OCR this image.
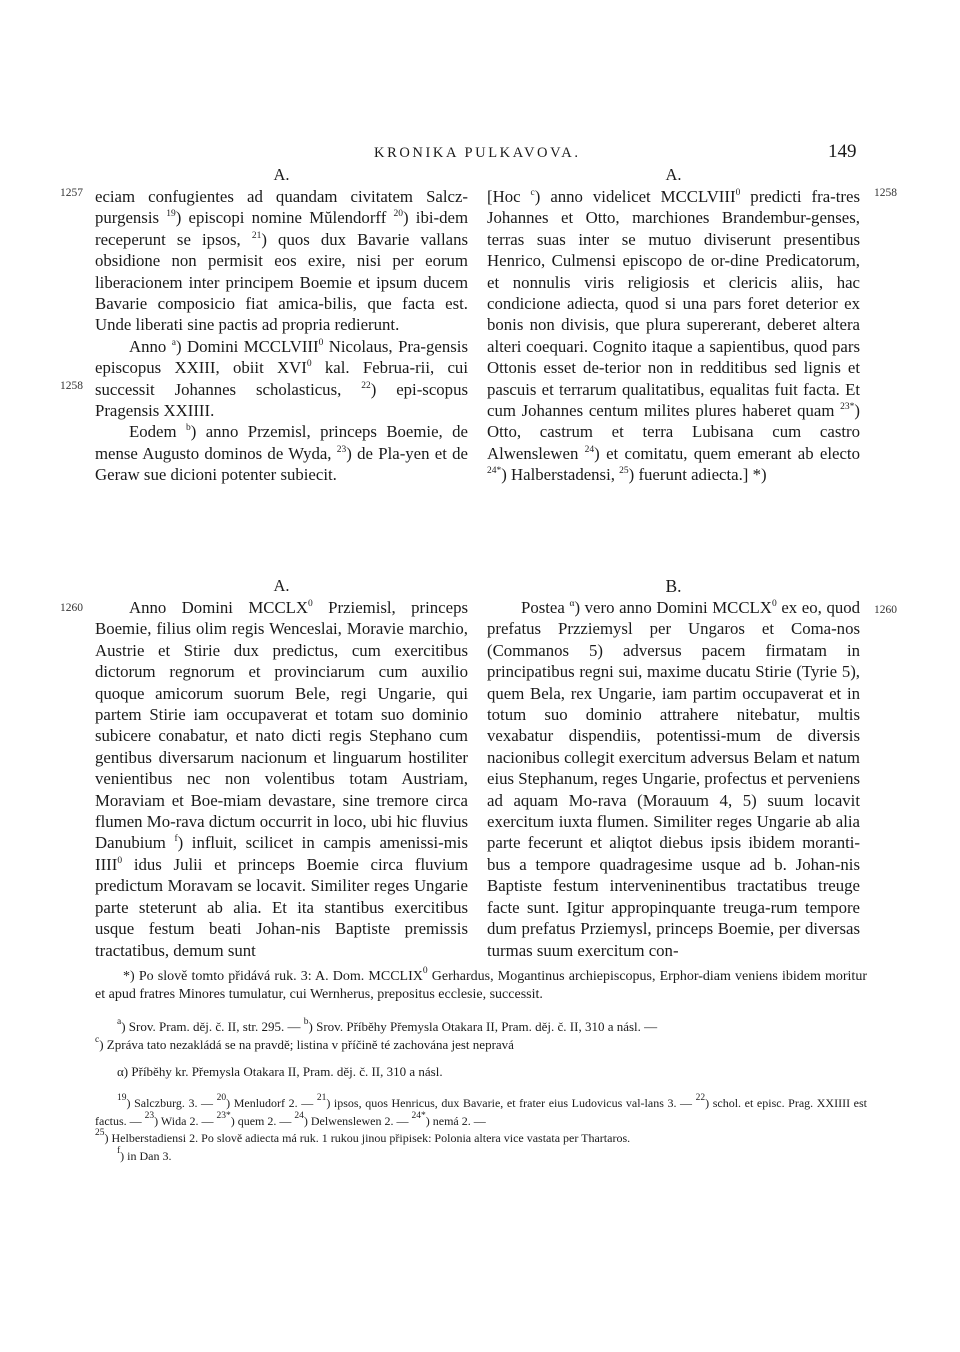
KRONIKA PULKAVOVA.	149
1257
1258
A.

eciam confugientes ad quandam civitatem Salcz-purgensis $^{19}$) episcopi nomine Mŭlendorff $^{20}$) ibi-dem receperunt se ipsos, $^{21}$) quos dux Bavarie vallans obsidione non permisit eos exire, nisi per eorum liberacionem inter principem Boemie et ipsum ducem Bavarie composicio fiat amica-bilis, que facta est. Unde liberati sine pactis ad propria redierunt.

Anno $^a$) Domini MCCLVIII$^0$ Nicolaus, Pra-gensis episcopus XXIII, obiit XVI$^0$ kal. Februa-rii, cui successit Johannes scholasticus, $^{22}$) epi-scopus Pragensis XXIIII.

Eodem $^b$) anno Przemisl, princeps Boemie, de mense Augusto dominos de Wyda, $^{23}$) de Pla-yen et de Geraw sue dicioni potenter subiecit.

1258
A.

[Hoc $^c$) anno videlicet MCCLVIII$^0$ predicti fra-tres Johannes et Otto, marchiones Brandembur-genses, terras suas inter se mutuo diviserunt presentibus Henrico, Culmensi episcopo de or-dine Predicatorum, et nonnulis viris religiosis et clericis aliis, hac condicione adiecta, quod si una pars foret deterior ex bonis non divisis, que plura supererant, deberet altera alteri coequari. Cognito itaque a sapientibus, quod pars Ottonis esset de-terior non in redditibus sed lignis et pascuis et terrarum qualitatibus, equalitas fuit facta. Et cum Johannes centum milites plures haberet quam $^{23*}$) Otto, castrum et terra Lubisana cum castro Alwenslewen $^{24}$) et comitatu, quem emerant ab electo $^{24*}$) Halberstadensi, $^{25}$) fuerunt adiecta.] *)

1260
A.

Anno Domini MCCLX$^0$ Prziemisl, princeps Boemie, filius olim regis Wenceslai, Moravie marchio, Austrie et Stirie dux predictus, cum exercitibus dictorum regnorum et provinciarum cum auxilio quoque amicorum suorum Bele, regi Ungarie, qui partem Stirie iam occupaverat et totam suo dominio subicere conabatur, et nato dicti regis Stephano cum gentibus diversarum nacionum et linguarum hostiliter venientibus nec non volentibus totam Austriam, Moraviam et Boe-miam devastare, sine tremore circa flumen Mo-rava dictum occurrit in loco, ubi hic fluvius Danubium $^f$) influit, scilicet in campis amenissi-mis IIII$^0$ idus Julii et princeps Boemie circa fluvium predictum Moravam se locavit. Similiter reges Ungarie parte steterunt ab alia. Et ita stantibus exercitibus usque festum beati Johan-nis Baptiste premissis tractatibus, demum sunt

1260
B.

Postea $^\alpha$) vero anno Domini MCCLX$^0$ ex eo, quod prefatus Przziemysl per Ungaros et Coma-nos (Commanos 5) adversus pacem firmatam in principatibus regni sui, maxime ducatu Stirie (Tyrie 5), quem Bela, rex Ungarie, iam partim occupaverat et in totum suo dominio attrahere nitebatur, multis vexabatur dispendiis, potentissi-mum de diversis nacionibus collegit exercitum adversus Belam et natum eius Stephanum, reges Ungarie, profectus et perveniens ad aquam Mo-rava (Morauum 4, 5) suum locavit exercitum iuxta flumen. Similiter reges Ungarie ab alia parte fecerunt et aliqtot diebus ipsis ibidem moranti-bus a tempore quadragesime usque ad b. Johan-nis Baptiste festum interveninentibus tractatibus treuge facte sunt. Igitur appropinquante treuga-rum tempore dum prefatus Prziemysl, princeps Boemie, per diversas turmas suum exercitum con-

*) Po slově tomto přidává ruk. 3: A. Dom. MCCLIX$^0$ Gerhardus, Mogantinus archiepiscopus, Erphor-diam veniens ibidem moritur et apud fratres Minores tumulatur, cui Wernherus, prepositus ecclesie, successit.

$^a$) Srov. Pram. děj. č. II, str. 295. — $^b$) Srov. Příběhy Přemysla Otakara II, Pram. děj. č. II, 310 a násl. —

$^c$) Zpráva tato nezakládá se na pravdě; listina v příčině té zachována jest nepravá

α) Příběhy kr. Přemysla Otakara II, Pram. děj. č. II, 310 a násl.

$^{19}$) Salczburg. 3. — $^{20}$) Menludorf 2. — $^{21}$) ipsos, quos Henricus, dux Bavarie, et frater eius Ludovicus val-lans 3. — $^{22}$) schol. et episc. Prag. XXIIII est factus. — $^{23}$) Wida 2. — $^{23*}$) quem 2. — $^{24}$) Delwenslewen 2. — $^{24*}$) nemá 2. —

$^{25}$) Helberstadiensi 2. Po slově adiecta má ruk. 1 rukou jinou připisek: Polonia altera vice vastata per Thartaros.

$^f$) in Dan 3.
